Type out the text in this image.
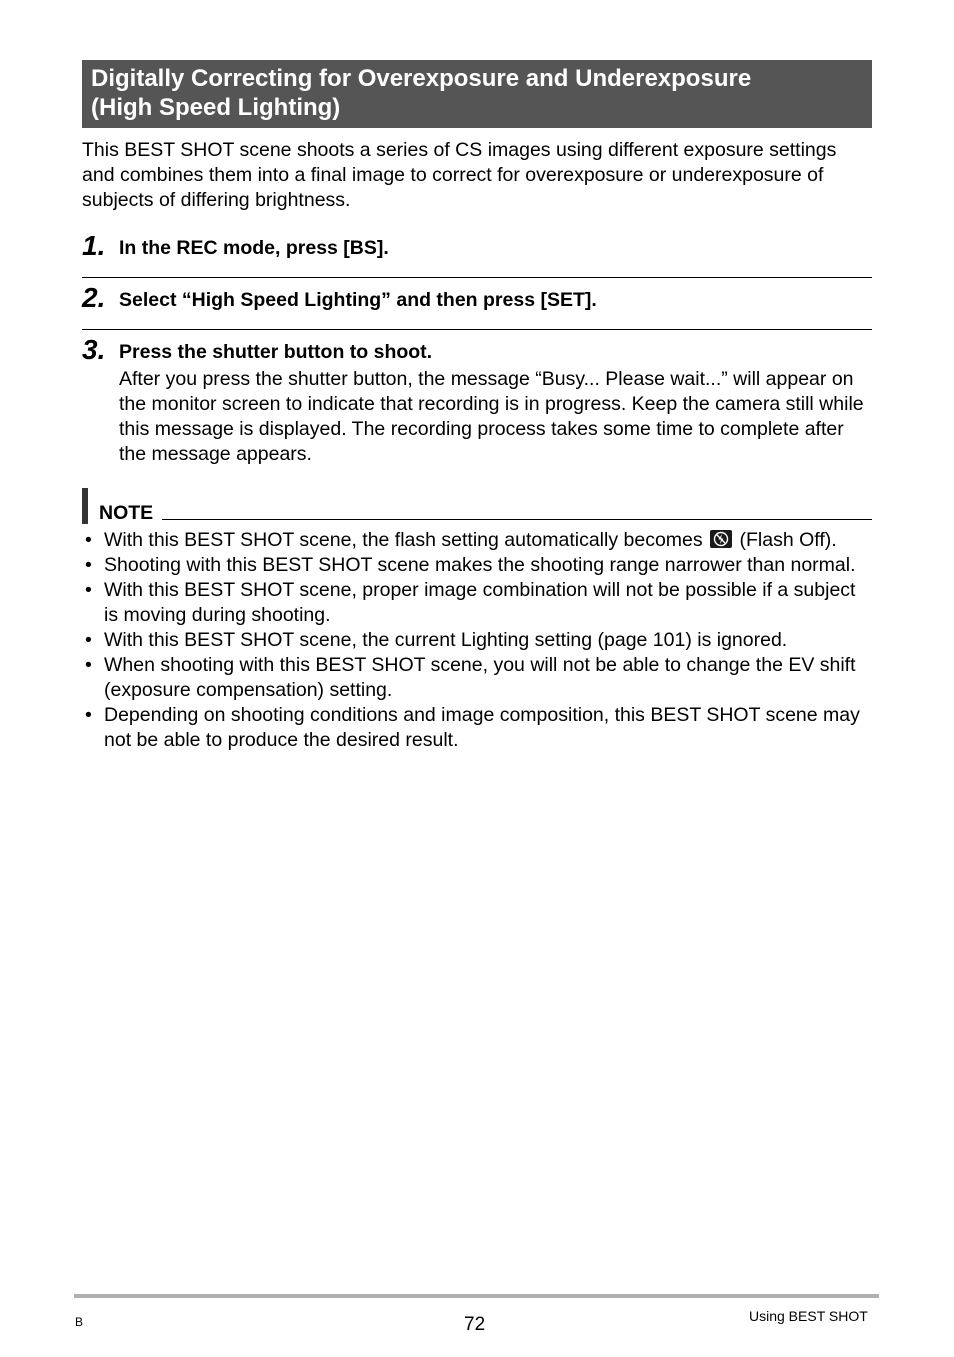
Digitally Correcting for Overexposure and Underexposure
(High Speed Lighting)

This BEST SHOT scene shoots a series of CS images using different exposure settings and combines them into a final image to correct for overexposure or underexposure of subjects of differing brightness.

1. In the REC mode, press [BS].
2. Select “High Speed Lighting” and then press [SET].
3. Press the shutter button to shoot.

After you press the shutter button, the message “Busy... Please wait...” will appear on the monitor screen to indicate that recording is in progress. Keep the camera still while this message is displayed. The recording process takes some time to complete after the message appears.

NOTE
• With this BEST SHOT scene, the flash setting automatically becomes (Flash Off).
• Shooting with this BEST SHOT scene makes the shooting range narrower than normal.
• With this BEST SHOT scene, proper image combination will not be possible if a subject is moving during shooting.
• With this BEST SHOT scene, the current Lighting setting (page 101) is ignored.
• When shooting with this BEST SHOT scene, you will not be able to change the EV shift (exposure compensation) setting.
• Depending on shooting conditions and image composition, this BEST SHOT scene may not be able to produce the desired result.
B	72	Using BEST SHOT
